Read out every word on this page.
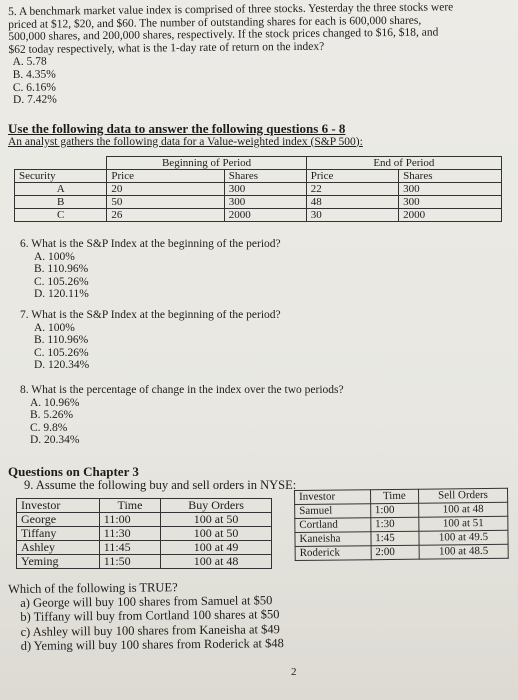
5. A benchmark market value index is comprised of three stocks. Yesterday the three stocks were

priced at $12, $20, and $60. The number of outstanding shares for each is 600,000 shares,

500,000 shares, and 200,000 shares, respectively. If the stock prices changed to $16, $18, and

$62 today respectively, what is the 1-day rate of return on the index?

A. 5.78

B. 4.35%

C. 6.16%

D. 7.42%

Use the following data to answer the following questions 6 - 8

An analyst gathers the following data for a Value-weighted index (S&P 500):

	Beginning of Period		End of Period	
Security	Price	Shares	Price	Shares
A	20	300	22	300
B	50	300	48	300
C	26	2000	30	2000

6. What is the S&P Index at the beginning of the period?

A. 100%

B. 110.96%

C. 105.26%

D. 120.11%

7. What is the S&P Index at the beginning of the period?

A. 100%

B. 110.96%

C. 105.26%

D. 120.34%

8. What is the percentage of change in the index over the two periods?

A. 10.96%

B. 5.26%

C. 9.8%

D. 20.34%

Questions on Chapter 3

9. Assume the following buy and sell orders in NYSE:

Investor	Time	Buy Orders
George	11:00	100 at 50
Tiffany	11:30	100 at 50
Ashley	11:45	100 at 49
Yeming	11:50	100 at 48
Investor	Time	Sell Orders
Samuel	1:00	100 at 48
Cortland	1:30	100 at 51
Kaneisha	1:45	100 at 49.5
Roderick	2:00	100 at 48.5

Which of the following is TRUE?

a) George will buy 100 shares from Samuel at $50

b) Tiffany will buy from Cortland 100 shares at $50

c) Ashley will buy 100 shares from Kaneisha at $49

d) Yeming will buy 100 shares from Roderick at $48

2
